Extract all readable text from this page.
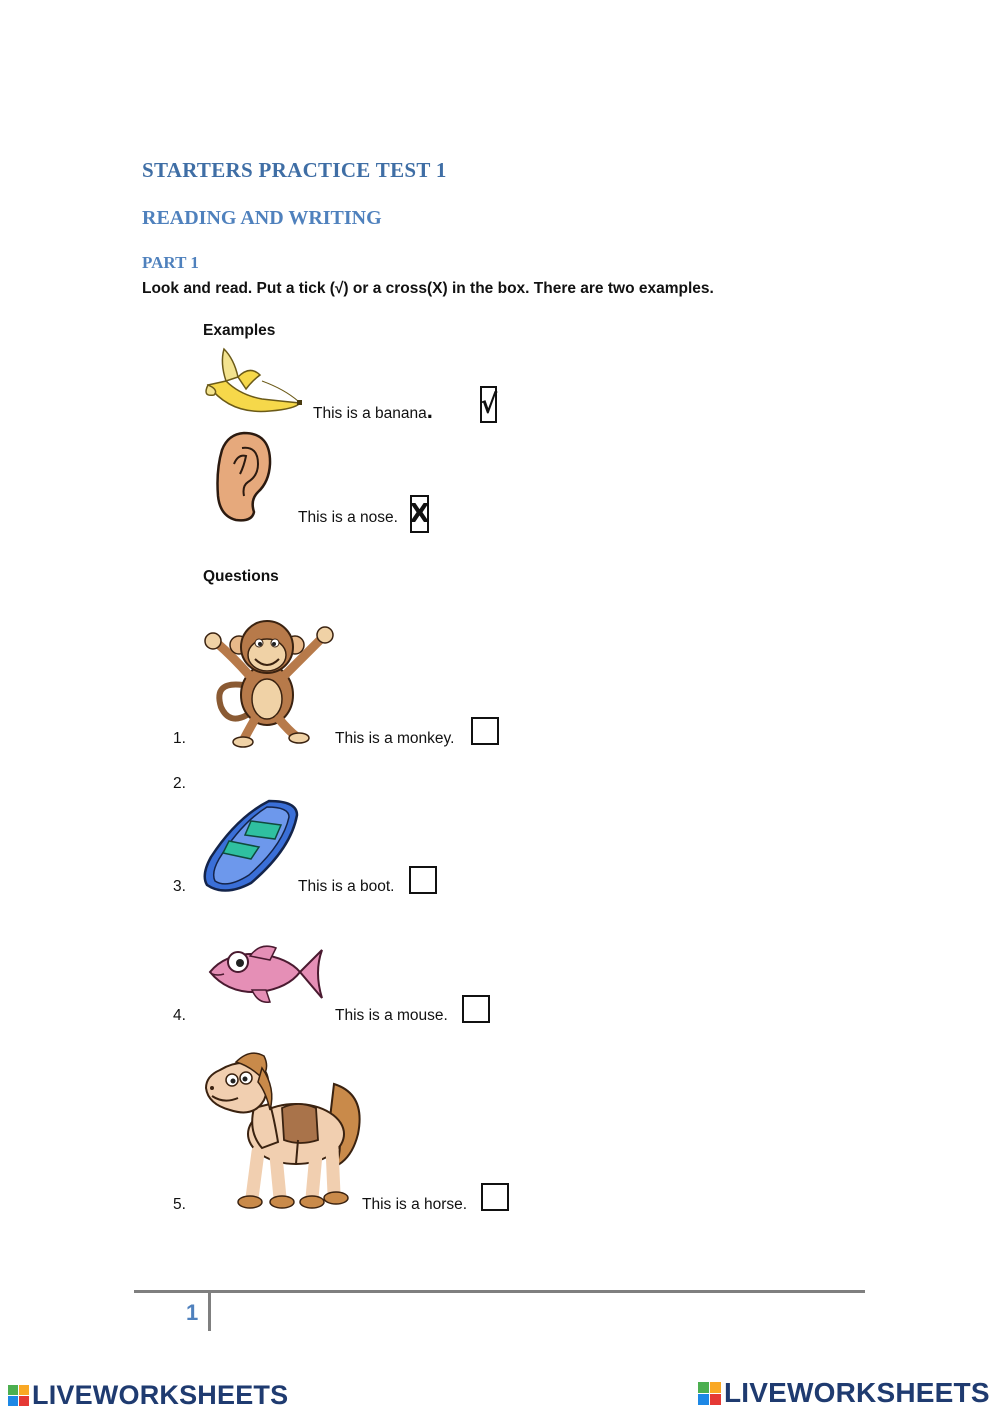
STARTERS PRACTICE TEST 1
READING AND WRITING
PART 1
Look and read. Put a tick (√) or a cross(X) in the box. There are two examples.
Examples
This is a banana. √
This is a nose. X
Questions
1.	This is a monkey.
2.
3.	This is a boot.
4.	This is a mouse.
5.	This is a horse.
1
LIVEWORKSHEETS	LIVEWORKSHEETS
